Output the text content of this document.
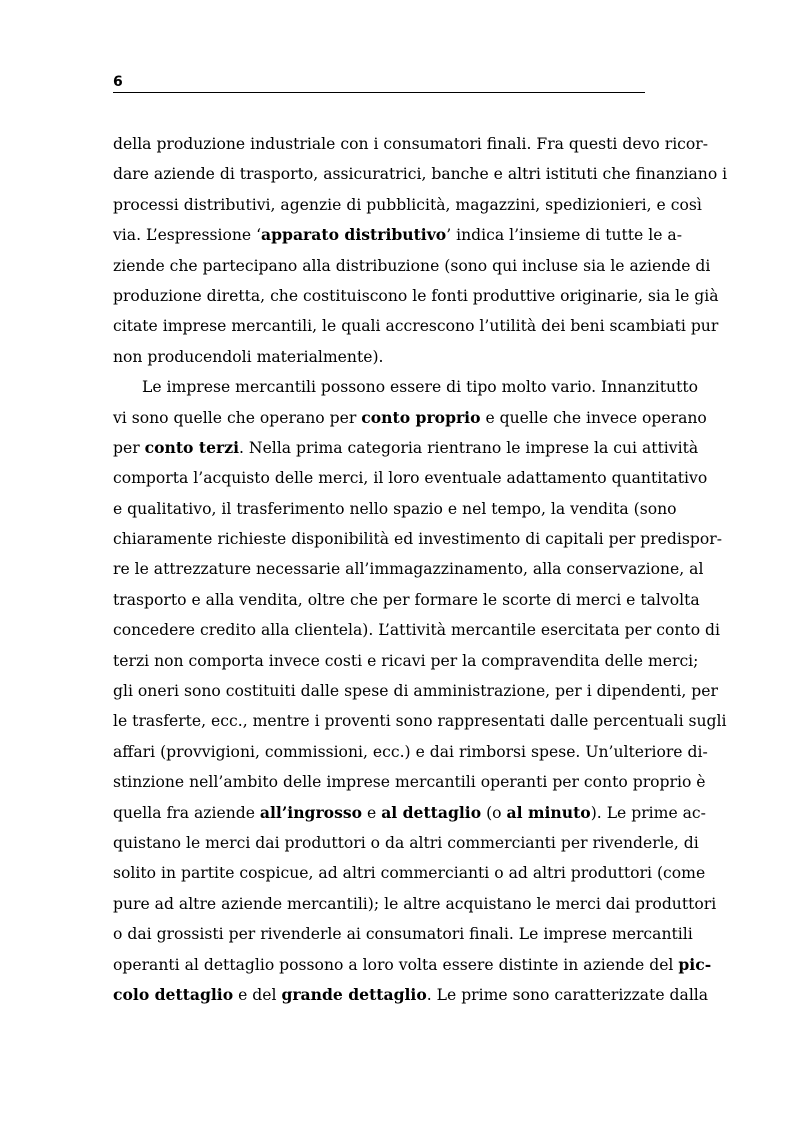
6
della produzione industriale con i consumatori finali. Fra questi devo ricor-
dare aziende di trasporto, assicuratrici, banche e altri istituti che finanziano i
processi distributivi, agenzie di pubblicità, magazzini, spedizionieri, e così
via. L’espressione ‘apparato distributivo’ indica l’insieme di tutte le a-
ziende che partecipano alla distribuzione (sono qui incluse sia le aziende di
produzione diretta, che costituiscono le fonti produttive originarie, sia le già
citate imprese mercantili, le quali accrescono l’utilità dei beni scambiati pur
non producendoli materialmente).
Le imprese mercantili possono essere di tipo molto vario. Innanzitutto
vi sono quelle che operano per conto proprio e quelle che invece operano
per conto terzi. Nella prima categoria rientrano le imprese la cui attività
comporta l’acquisto delle merci, il loro eventuale adattamento quantitativo
e qualitativo, il trasferimento nello spazio e nel tempo, la vendita (sono
chiaramente richieste disponibilità ed investimento di capitali per predispor-
re le attrezzature necessarie all’immagazzinamento, alla conservazione, al
trasporto e alla vendita, oltre che per formare le scorte di merci e talvolta
concedere credito alla clientela). L’attività mercantile esercitata per conto di
terzi non comporta invece costi e ricavi per la compravendita delle merci;
gli oneri sono costituiti dalle spese di amministrazione, per i dipendenti, per
le trasferte, ecc., mentre i proventi sono rappresentati dalle percentuali sugli
affari (provvigioni, commissioni, ecc.) e dai rimborsi spese. Un’ulteriore di-
stinzione nell’ambito delle imprese mercantili operanti per conto proprio è
quella fra aziende all’ingrosso e al dettaglio (o al minuto). Le prime ac-
quistano le merci dai produttori o da altri commercianti per rivenderle, di
solito in partite cospicue, ad altri commercianti o ad altri produttori (come
pure ad altre aziende mercantili); le altre acquistano le merci dai produttori
o dai grossisti per rivenderle ai consumatori finali. Le imprese mercantili
operanti al dettaglio possono a loro volta essere distinte in aziende del pic-
colo dettaglio e del grande dettaglio. Le prime sono caratterizzate dalla
